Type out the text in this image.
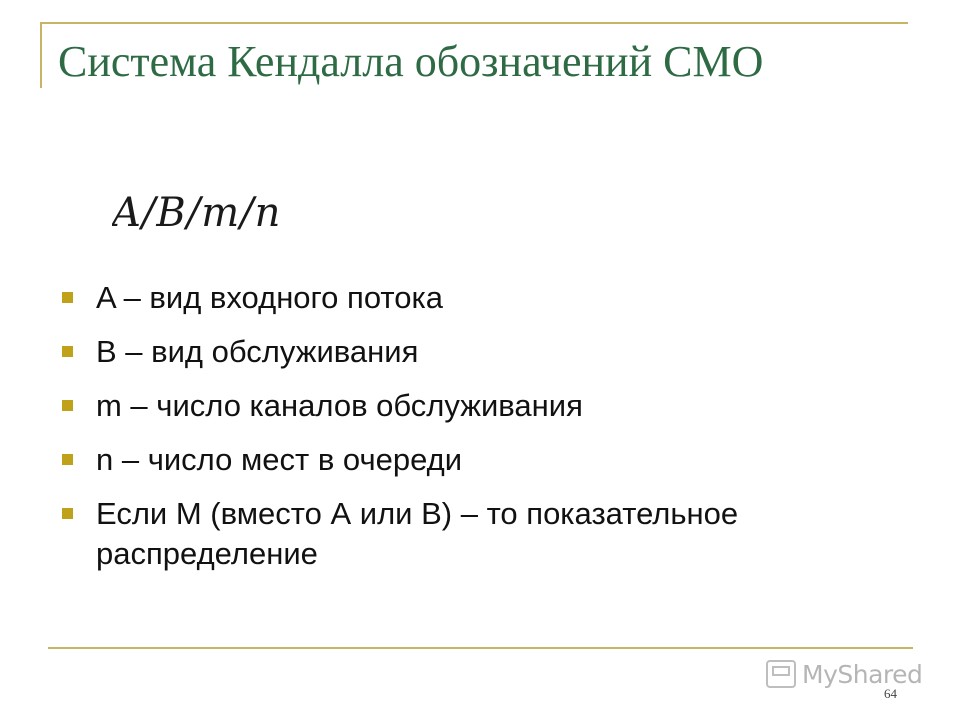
Система Кендалла обозначений СМО
A/B/m/n
A – вид входного потока
B – вид обслуживания
m – число каналов обслуживания
n – число мест в очереди
Если M (вместо А или В) – то показательное распределение
MyShared
64
